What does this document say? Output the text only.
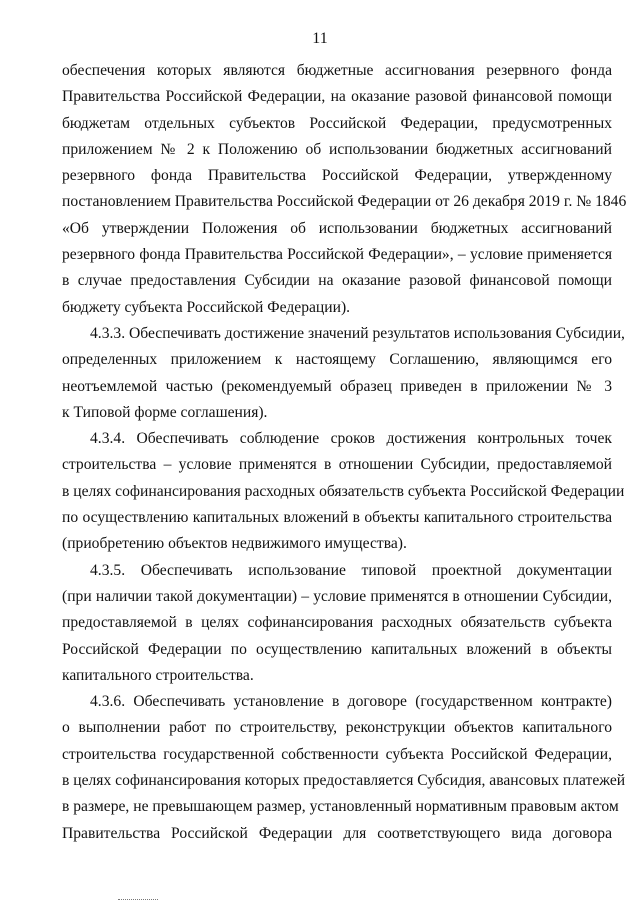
11
обеспечения которых являются бюджетные ассигнования резервного фонда
Правительства Российской Федерации, на оказание разовой финансовой помощи
бюджетам отдельных субъектов Российской Федерации, предусмотренных
приложением № 2 к Положению об использовании бюджетных ассигнований
резервного фонда Правительства Российской Федерации, утвержденному
постановлением Правительства Российской Федерации от 26 декабря 2019 г. № 1846
«Об утверждении Положения об использовании бюджетных ассигнований
резервного фонда Правительства Российской Федерации», – условие применяется
в случае предоставления Субсидии на оказание разовой финансовой помощи
бюджету субъекта Российской Федерации).
4.3.3. Обеспечивать достижение значений результатов использования Субсидии,
определенных приложением к настоящему Соглашению, являющимся его
неотъемлемой частью (рекомендуемый образец приведен в приложении № 3
к Типовой форме соглашения).
4.3.4. Обеспечивать соблюдение сроков достижения контрольных точек
строительства – условие применятся в отношении Субсидии, предоставляемой
в целях софинансирования расходных обязательств субъекта Российской Федерации
по осуществлению капитальных вложений в объекты капитального строительства
(приобретению объектов недвижимого имущества).
4.3.5. Обеспечивать использование типовой проектной документации
(при наличии такой документации) – условие применятся в отношении Субсидии,
предоставляемой в целях софинансирования расходных обязательств субъекта
Российской Федерации по осуществлению капитальных вложений в объекты
капитального строительства.
4.3.6. Обеспечивать установление в договоре (государственном контракте)
о выполнении работ по строительству, реконструкции объектов капитального
строительства государственной собственности субъекта Российской Федерации,
в целях софинансирования которых предоставляется Субсидия, авансовых платежей
в размере, не превышающем размер, установленный нормативным правовым актом
Правительства Российской Федерации для соответствующего вида договора
